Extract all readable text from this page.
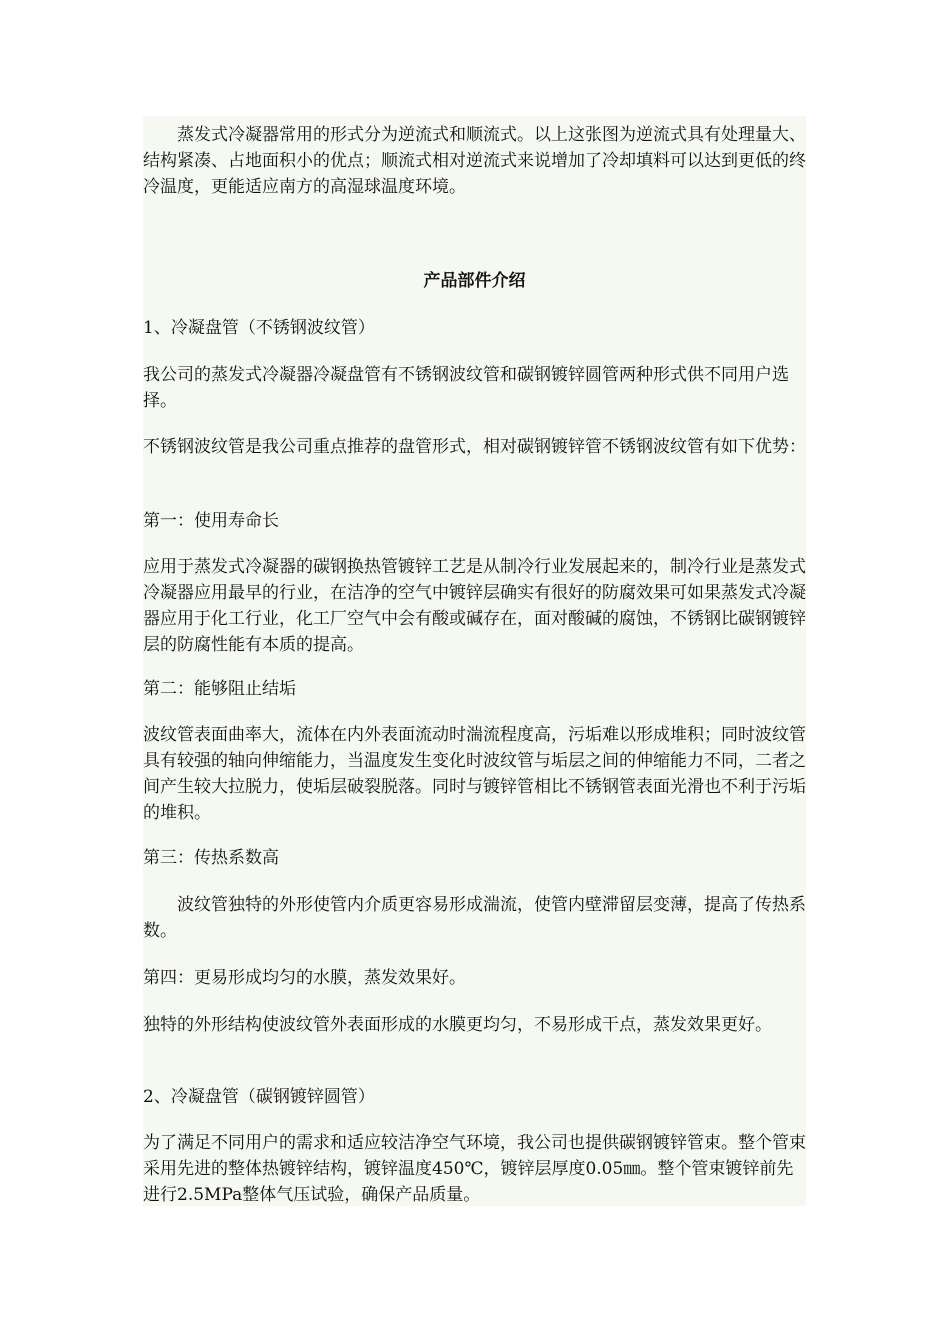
蒸发式冷凝器常用的形式分为逆流式和顺流式。以上这张图为逆流式具有处理量大、结构紧凑、占地面积小的优点；顺流式相对逆流式来说增加了冷却填料可以达到更低的终冷温度，更能适应南方的高湿球温度环境。

产品部件介绍

1、冷凝盘管（不锈钢波纹管）

我公司的蒸发式冷凝器冷凝盘管有不锈钢波纹管和碳钢镀锌圆管两种形式供不同用户选择。

不锈钢波纹管是我公司重点推荐的盘管形式，相对碳钢镀锌管不锈钢波纹管有如下优势：

第一：使用寿命长

应用于蒸发式冷凝器的碳钢换热管镀锌工艺是从制冷行业发展起来的，制冷行业是蒸发式冷凝器应用最早的行业，在洁净的空气中镀锌层确实有很好的防腐效果可如果蒸发式冷凝器应用于化工行业，化工厂空气中会有酸或碱存在，面对酸碱的腐蚀，不锈钢比碳钢镀锌层的防腐性能有本质的提高。

第二：能够阻止结垢

波纹管表面曲率大，流体在内外表面流动时湍流程度高，污垢难以形成堆积；同时波纹管具有较强的轴向伸缩能力，当温度发生变化时波纹管与垢层之间的伸缩能力不同，二者之间产生较大拉脱力，使垢层破裂脱落。同时与镀锌管相比不锈钢管表面光滑也不利于污垢的堆积。

第三：传热系数高

波纹管独特的外形使管内介质更容易形成湍流，使管内壁滞留层变薄，提高了传热系数。

第四：更易形成均匀的水膜，蒸发效果好。

独特的外形结构使波纹管外表面形成的水膜更均匀，不易形成干点，蒸发效果更好。

2、冷凝盘管（碳钢镀锌圆管）

为了满足不同用户的需求和适应较洁净空气环境，我公司也提供碳钢镀锌管束。整个管束采用先进的整体热镀锌结构，镀锌温度450℃，镀锌层厚度0.05㎜。整个管束镀锌前先进行2.5MPa整体气压试验，确保产品质量。
